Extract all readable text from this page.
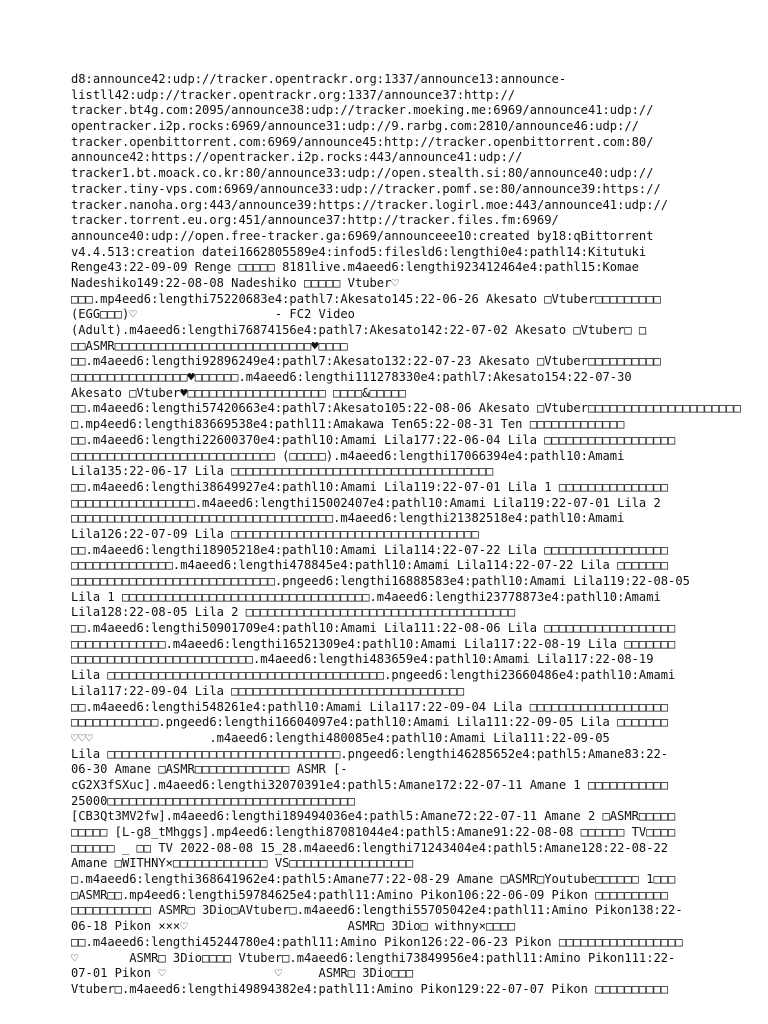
d8:announce42:udp://tracker.opentrackr.org:1337/announce13:announce-
listll42:udp://tracker.opentrackr.org:1337/announce37:http://
tracker.bt4g.com:2095/announce38:udp://tracker.moeking.me:6969/announce41:udp://
opentracker.i2p.rocks:6969/announce31:udp://9.rarbg.com:2810/announce46:udp://
tracker.openbittorrent.com:6969/announce45:http://tracker.openbittorrent.com:80/
announce42:https://opentracker.i2p.rocks:443/announce41:udp://
tracker1.bt.moack.co.kr:80/announce33:udp://open.stealth.si:80/announce40:udp://
tracker.tiny-vps.com:6969/announce33:udp://tracker.pomf.se:80/announce39:https://
tracker.nanoha.org:443/announce39:https://tracker.logirl.moe:443/announce41:udp://
tracker.torrent.eu.org:451/announce37:http://tracker.files.fm:6969/
announce40:udp://open.free-tracker.ga:6969/announceee10:created by18:qBittorrent
v4.4.513:creation datei1662805589e4:infod5:filesld6:lengthi0e4:pathl14:Kitutuki
Renge43:22-09-09 Renge □□□□□ 8181live.m4aeed6:lengthi923412464e4:pathl15:Komae
Nadeshiko149:22-08-08 Nadeshiko □□□□□ Vtuber♡
□□□.mp4eed6:lengthi75220683e4:pathl7:Akesato145:22-06-26 Akesato □Vtuber□□□□□□□□□
(EGG□□□)♡                   - FC2 Video
(Adult).m4aeed6:lengthi76874156e4:pathl7:Akesato142:22-07-02 Akesato □Vtuber□ □
□□ASMR□□□□□□□□□□□□□□□□□□□□□□□□□□□♥□□□□
□□.m4aeed6:lengthi92896249e4:pathl7:Akesato132:22-07-23 Akesato □Vtuber□□□□□□□□□□
□□□□□□□□□□□□□□□□♥□□□□□□.m4aeed6:lengthi111278330e4:pathl7:Akesato154:22-07-30
Akesato □Vtuber♥□□□□□□□□□□□□□□□□□□□ □□□□&□□□□□
□□.m4aeed6:lengthi57420663e4:pathl7:Akesato105:22-08-06 Akesato □Vtuber□□□□□□□□□□□□□□□□□□□□□
□.mp4eed6:lengthi83669538e4:pathl11:Amakawa Ten65:22-08-31 Ten □□□□□□□□□□□□□
□□.m4aeed6:lengthi22600370e4:pathl10:Amami Lila177:22-06-04 Lila □□□□□□□□□□□□□□□□□□
□□□□□□□□□□□□□□□□□□□□□□□□□□□□ (□□□□□).m4aeed6:lengthi17066394e4:pathl10:Amami
Lila135:22-06-17 Lila □□□□□□□□□□□□□□□□□□□□□□□□□□□□□□□□□□□□
□□.m4aeed6:lengthi38649927e4:pathl10:Amami Lila119:22-07-01 Lila 1 □□□□□□□□□□□□□□□
□□□□□□□□□□□□□□□□□.m4aeed6:lengthi15002407e4:pathl10:Amami Lila119:22-07-01 Lila 2
□□□□□□□□□□□□□□□□□□□□□□□□□□□□□□□□□□□□.m4aeed6:lengthi21382518e4:pathl10:Amami
Lila126:22-07-09 Lila □□□□□□□□□□□□□□□□□□□□□□□□□□□□□□□□□□
□□.m4aeed6:lengthi18905218e4:pathl10:Amami Lila114:22-07-22 Lila □□□□□□□□□□□□□□□□□
□□□□□□□□□□□□□□.m4aeed6:lengthi478845e4:pathl10:Amami Lila114:22-07-22 Lila □□□□□□□
□□□□□□□□□□□□□□□□□□□□□□□□□□□□.pngeed6:lengthi16888583e4:pathl10:Amami Lila119:22-08-05
Lila 1 □□□□□□□□□□□□□□□□□□□□□□□□□□□□□□□□□□.m4aeed6:lengthi23778873e4:pathl10:Amami
Lila128:22-08-05 Lila 2 □□□□□□□□□□□□□□□□□□□□□□□□□□□□□□□□□□□□□
□□.m4aeed6:lengthi50901709e4:pathl10:Amami Lila111:22-08-06 Lila □□□□□□□□□□□□□□□□□□
□□□□□□□□□□□□□.m4aeed6:lengthi16521309e4:pathl10:Amami Lila117:22-08-19 Lila □□□□□□□
□□□□□□□□□□□□□□□□□□□□□□□□□.m4aeed6:lengthi483659e4:pathl10:Amami Lila117:22-08-19
Lila □□□□□□□□□□□□□□□□□□□□□□□□□□□□□□□□□□□□□□.pngeed6:lengthi23660486e4:pathl10:Amami
Lila117:22-09-04 Lila □□□□□□□□□□□□□□□□□□□□□□□□□□□□□□□□
□□.m4aeed6:lengthi548261e4:pathl10:Amami Lila117:22-09-04 Lila □□□□□□□□□□□□□□□□□□□
□□□□□□□□□□□□.pngeed6:lengthi16604097e4:pathl10:Amami Lila111:22-09-05 Lila □□□□□□□
♡♡♡                .m4aeed6:lengthi480085e4:pathl10:Amami Lila111:22-09-05
Lila □□□□□□□□□□□□□□□□□□□□□□□□□□□□□□□□.pngeed6:lengthi46285652e4:pathl5:Amane83:22-
06-30 Amane □ASMR□□□□□□□□□□□□□ ASMR [-
cG2X3fSXuc].m4aeed6:lengthi32070391e4:pathl5:Amane172:22-07-11 Amane 1 □□□□□□□□□□□
25000□□□□□□□□□□□□□□□□□□□□□□□□□□□□□□□□□□
[CB3Qt3MV2fw].m4aeed6:lengthi189494036e4:pathl5:Amane72:22-07-11 Amane 2 □ASMR□□□□□
□□□□□ [L-g8_tMhggs].mp4eed6:lengthi87081044e4:pathl5:Amane91:22-08-08 □□□□□□ TV□□□□
□□□□□□ _ □□ TV 2022-08-08 15_28.m4aeed6:lengthi71243404e4:pathl5:Amane128:22-08-22
Amane □WITHNY×□□□□□□□□□□□□□ VS□□□□□□□□□□□□□□□□□
□.m4aeed6:lengthi368641962e4:pathl5:Amane77:22-08-29 Amane □ASMR□Youtube□□□□□□ 1□□□
□ASMR□□.mp4eed6:lengthi59784625e4:pathl11:Amino Pikon106:22-06-09 Pikon □□□□□□□□□□
□□□□□□□□□□□ ASMR□ 3Dio□AVtuber□.m4aeed6:lengthi55705042e4:pathl11:Amino Pikon138:22-
06-18 Pikon ×××♡                      ASMR□ 3Dio□ withny×□□□□
□□.m4aeed6:lengthi45244780e4:pathl11:Amino Pikon126:22-06-23 Pikon □□□□□□□□□□□□□□□□□
♡       ASMR□ 3Dio□□□□ Vtuber□.m4aeed6:lengthi73849956e4:pathl11:Amino Pikon111:22-
07-01 Pikon ♡               ♡     ASMR□ 3Dio□□□
Vtuber□.m4aeed6:lengthi49894382e4:pathl11:Amino Pikon129:22-07-07 Pikon □□□□□□□□□□
